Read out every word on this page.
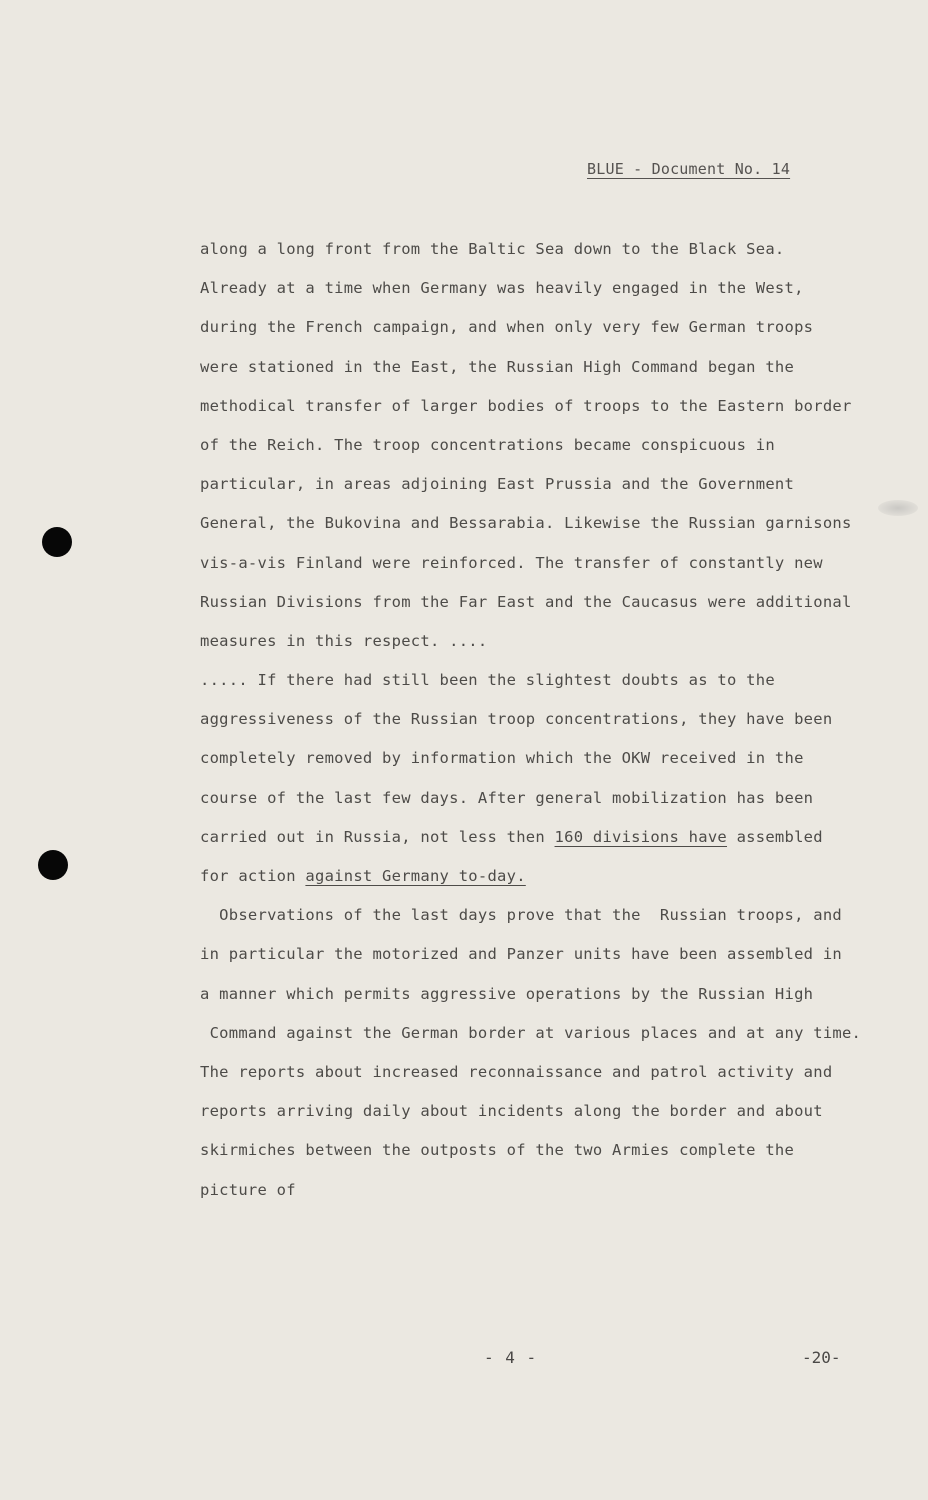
BLUE - Document No. 14
along a long front from the Baltic Sea down to the Black Sea.
Already at a time when Germany was heavily engaged in the West,
during the French campaign, and when only very few German troops
were stationed in the East, the Russian High Command began the
methodical transfer of larger bodies of troops to the Eastern border
of the Reich. The troop concentrations became conspicuous in
particular, in areas adjoining East Prussia and the Government
General, the Bukovina and Bessarabia. Likewise the Russian garnisons
vis-a-vis Finland were reinforced. The transfer of constantly new
Russian Divisions from the Far East and the Caucasus were additional
measures in this respect. ....
..... If there had still been the slightest doubts as to the
aggressiveness of the Russian troop concentrations, they have been
completely removed by information which the OKW received in the
course of the last few days. After general mobilization has been
carried out in Russia, not less then 160 divisions have assembled
for action against Germany to-day.
Observations of the last days prove that the  Russian troops, and
in particular the motorized and Panzer units have been assembled in
a manner which permits aggressive operations by the Russian High
Command against the German border at various places and at any time.
The reports about increased reconnaissance and patrol activity and
reports arriving daily about incidents along the border and about
skirmiches between the outposts of the two Armies complete the
picture of
- 4 -	-20-
